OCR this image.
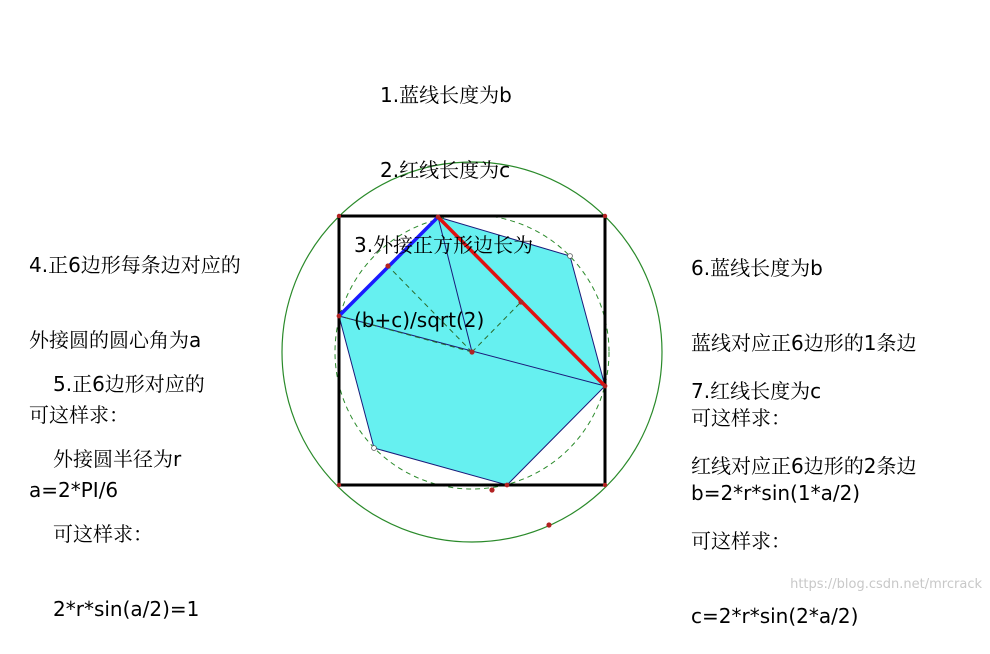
1.蓝线长度为b

2.红线长度为c

3.外接正方形边长为

(b+c)/sqrt(2)

4.正6边形每条边对应的

外接圆的圆心角为a

可这样求：

a=2*PI/6

5.正6边形对应的

外接圆半径为r

可这样求：

2*r*sin(a/2)=1

6.蓝线长度为b

蓝线对应正6边形的1条边

可这样求：

b=2*r*sin(1*a/2)

7.红线长度为c

红线对应正6边形的2条边

可这样求：

c=2*r*sin(2*a/2)

https://blog.csdn.net/mrcrack
